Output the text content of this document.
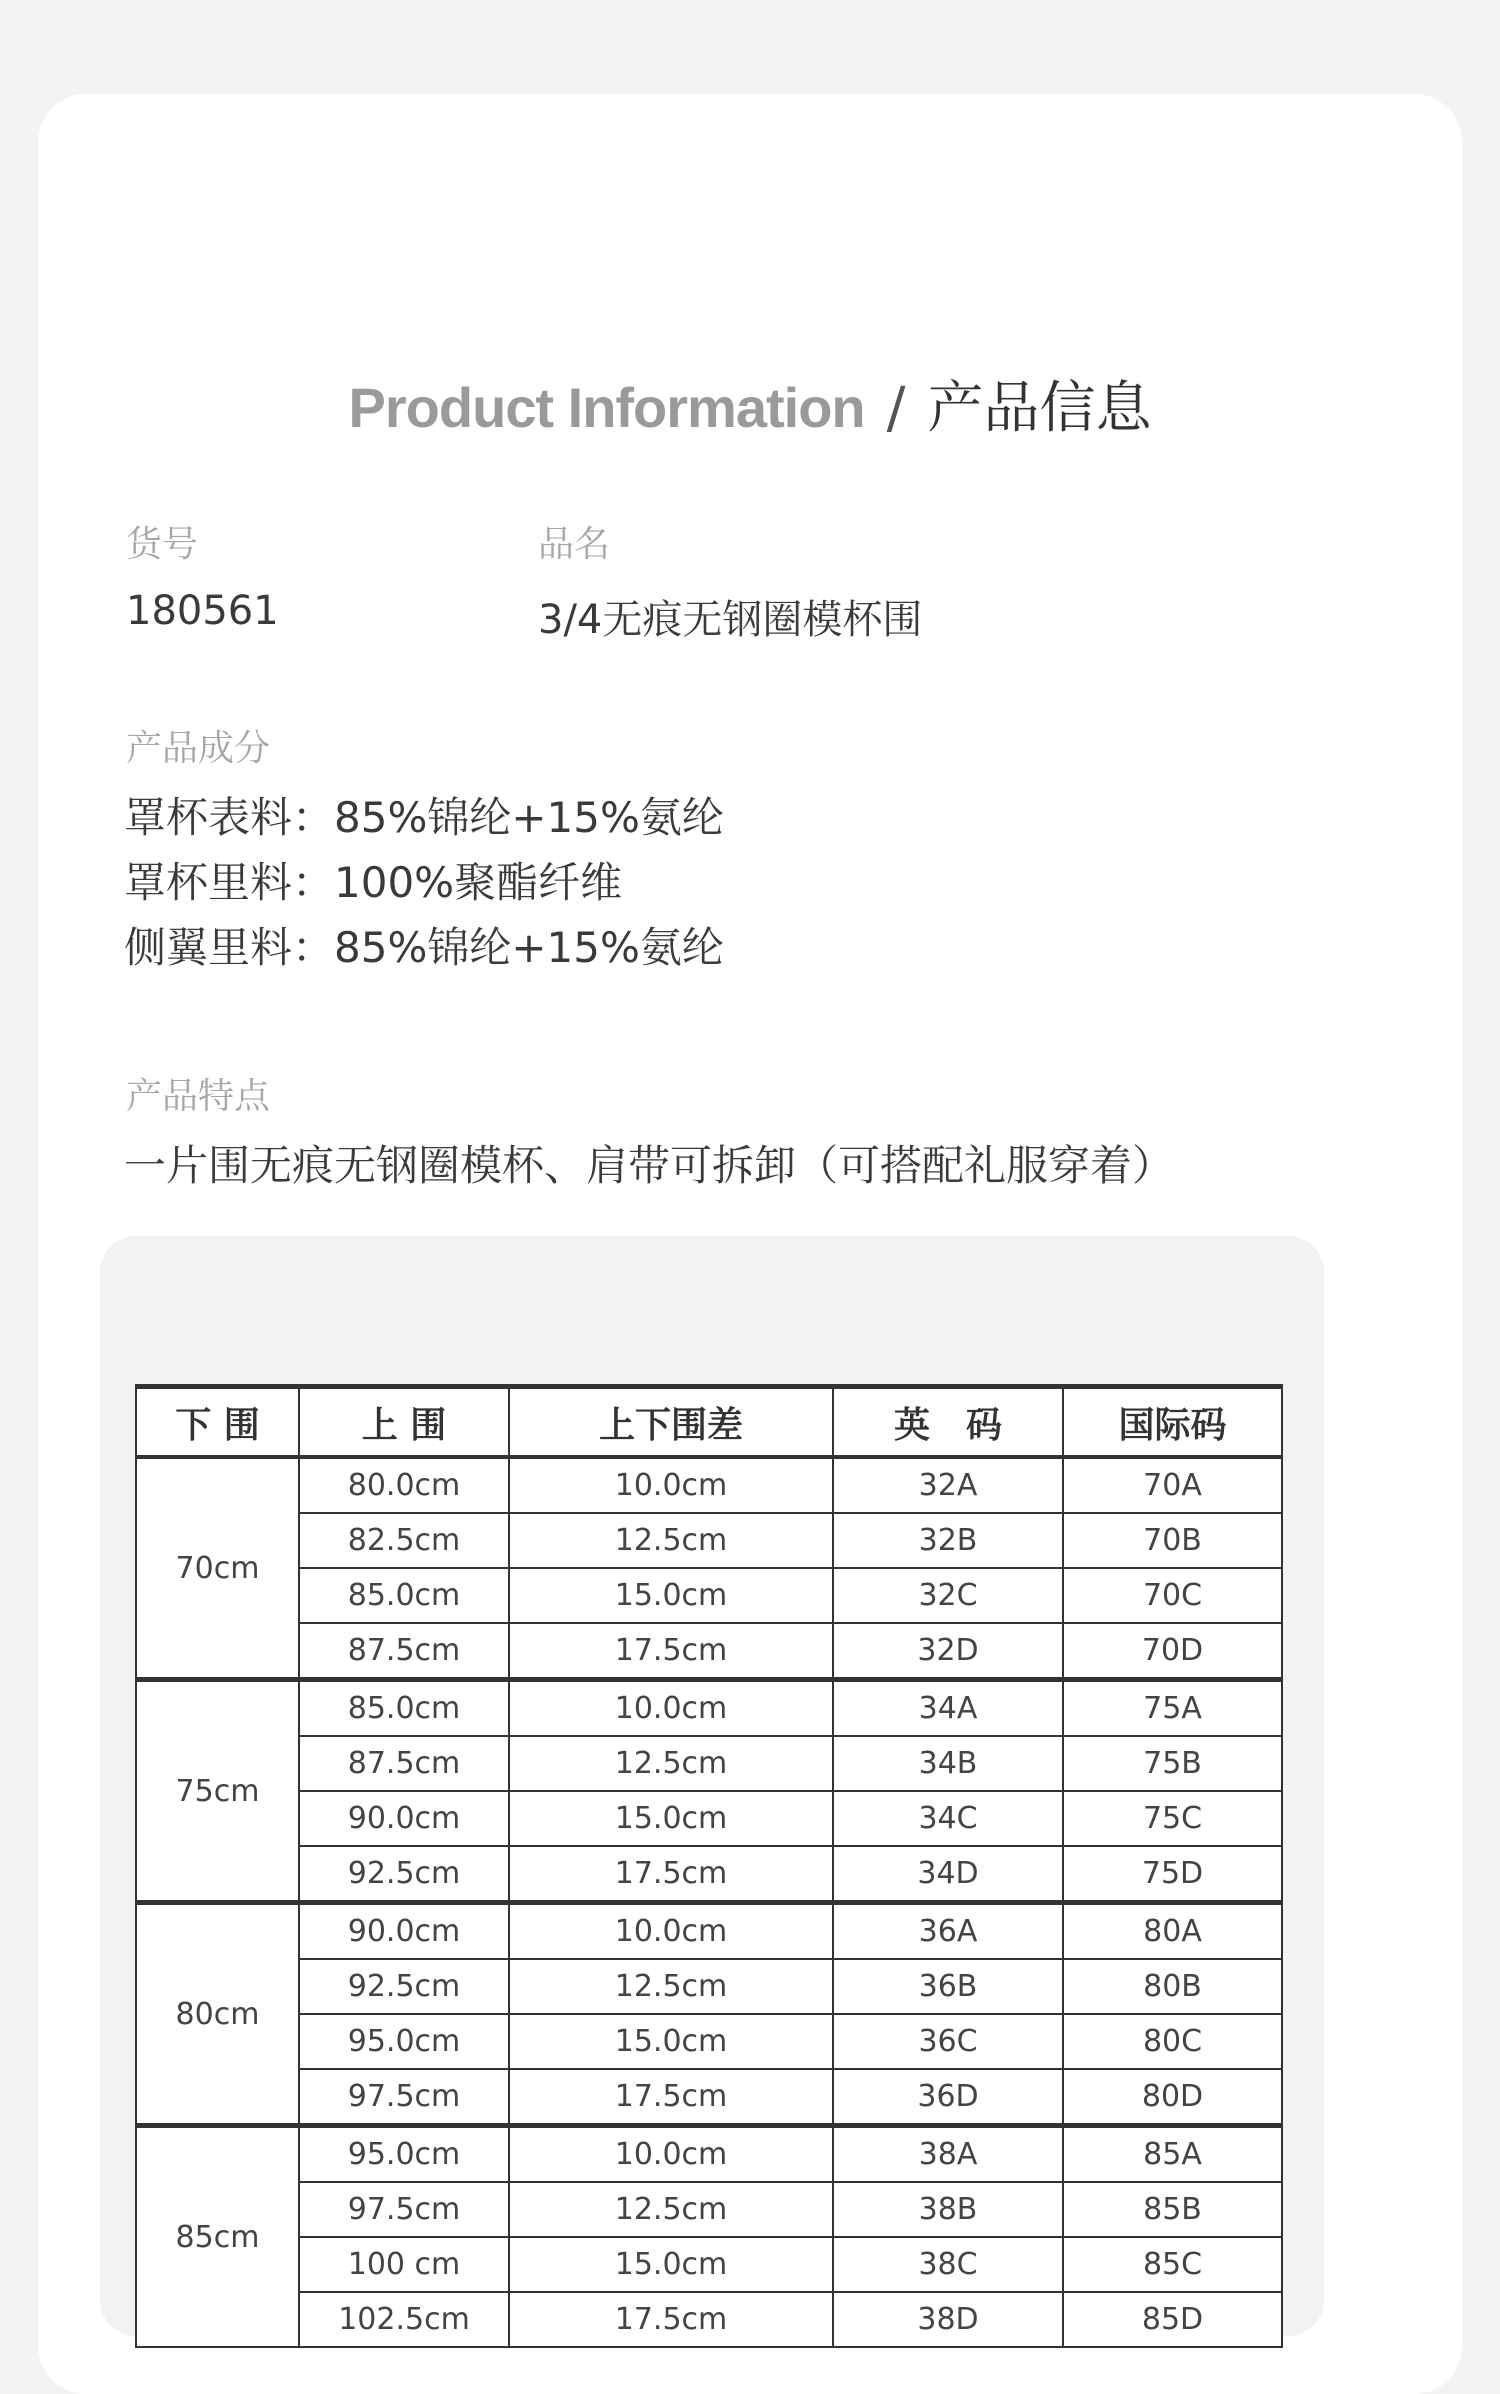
Product Information / 产品信息
货号
180561
品名
3/4无痕无钢圈模杯围
产品成分
罩杯表料：85%锦纶+15%氨纶
罩杯里料：100%聚酯纤维
侧翼里料：85%锦纶+15%氨纶
产品特点
一片围无痕无钢圈模杯、肩带可拆卸（可搭配礼服穿着）
下 围	上 围	上下围差	英　码	国际码
70cm	80.0cm	10.0cm	32A	70A
	82.5cm	12.5cm	32B	70B
	85.0cm	15.0cm	32C	70C
	87.5cm	17.5cm	32D	70D
75cm	85.0cm	10.0cm	34A	75A
	87.5cm	12.5cm	34B	75B
	90.0cm	15.0cm	34C	75C
	92.5cm	17.5cm	34D	75D
80cm	90.0cm	10.0cm	36A	80A
	92.5cm	12.5cm	36B	80B
	95.0cm	15.0cm	36C	80C
	97.5cm	17.5cm	36D	80D
85cm	95.0cm	10.0cm	38A	85A
	97.5cm	12.5cm	38B	85B
	100 cm	15.0cm	38C	85C
	102.5cm	17.5cm	38D	85D
